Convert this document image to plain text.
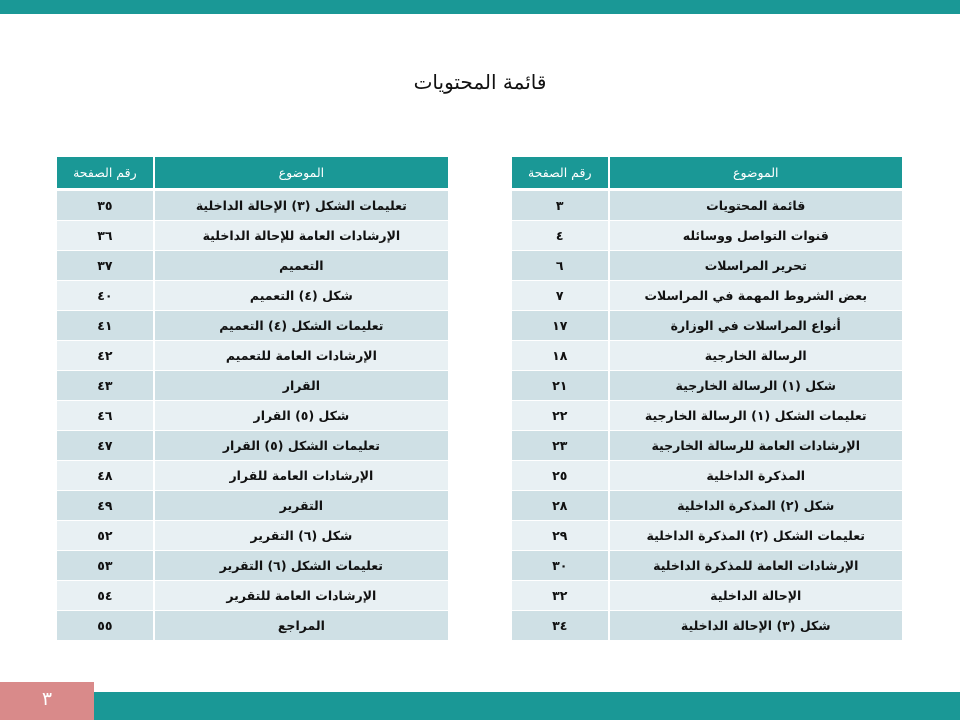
قائمة المحتويات
الموضوع	رقم الصفحة
قائمة المحتويات	٣
قنوات التواصل ووسائله	٤
تحرير المراسلات	٦
بعض الشروط المهمة في المراسلات	٧
أنواع المراسلات في الوزارة	١٧
الرسالة الخارجية	١٨
شكل (١) الرسالة الخارجية	٢١
تعليمات الشكل (١) الرسالة الخارجية	٢٢
الإرشادات العامة للرسالة الخارجية	٢٣
المذكرة الداخلية	٢٥
شكل (٢) المذكرة الداخلية	٢٨
تعليمات الشكل (٢) المذكرة الداخلية	٢٩
الإرشادات العامة للمذكرة الداخلية	٣٠
الإحالة الداخلية	٣٢
شكل (٣) الإحالة الداخلية	٣٤
الموضوع	رقم الصفحة
تعليمات الشكل (٣) الإحالة الداخلية	٣٥
الإرشادات العامة للإحالة الداخلية	٣٦
التعميم	٣٧
شكل (٤) التعميم	٤٠
تعليمات الشكل (٤) التعميم	٤١
الإرشادات العامة للتعميم	٤٢
القرار	٤٣
شكل (٥) القرار	٤٦
تعليمات الشكل (٥) القرار	٤٧
الإرشادات العامة للقرار	٤٨
التقرير	٤٩
شكل (٦) التقرير	٥٢
تعليمات الشكل (٦) التقرير	٥٣
الإرشادات العامة للتقرير	٥٤
المراجع	٥٥
٣
